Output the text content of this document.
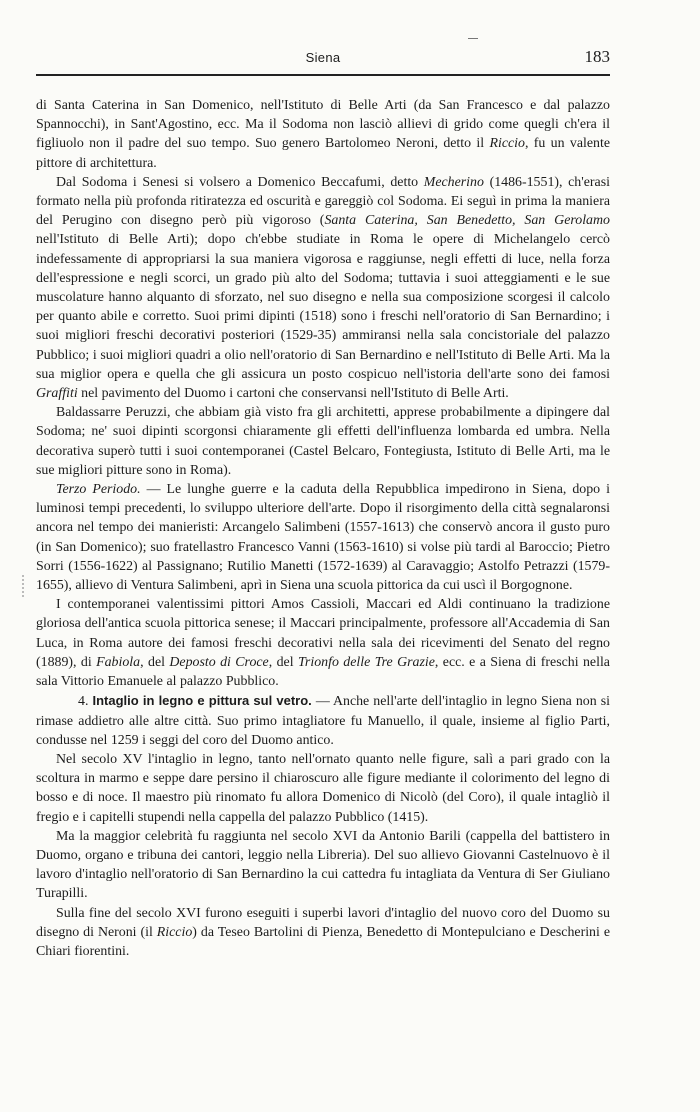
Siena	183

di Santa Caterina in San Domenico, nell'Istituto di Belle Arti (da San Francesco e dal palazzo Spannocchi), in Sant'Agostino, ecc. Ma il Sodoma non lasciò allievi di grido come quegli ch'era il figliuolo non il padre del suo tempo. Suo genero Bartolomeo Neroni, detto il Riccio, fu un valente pittore di architettura.

Dal Sodoma i Senesi si volsero a Domenico Beccafumi, detto Mecherino (1486-1551), ch'erasi formato nella più profonda ritiratezza ed oscurità e gareggiò col Sodoma. Ei seguì in prima la maniera del Perugino con disegno però più vigoroso (Santa Caterina, San Benedetto, San Gerolamo nell'Istituto di Belle Arti); dopo ch'ebbe studiate in Roma le opere di Michelangelo cercò indefessamente di appropriarsi la sua maniera vigorosa e raggiunse, negli effetti di luce, nella forza dell'espressione e negli scorci, un grado più alto del Sodoma; tuttavia i suoi atteggiamenti e le sue muscolature hanno alquanto di sforzato, nel suo disegno e nella sua composizione scorgesi il calcolo per quanto abile e corretto. Suoi primi dipinti (1518) sono i freschi nell'oratorio di San Bernardino; i suoi migliori freschi decorativi posteriori (1529-35) ammiransi nella sala concistoriale del palazzo Pubblico; i suoi migliori quadri a olio nell'oratorio di San Bernardino e nell'Istituto di Belle Arti. Ma la sua miglior opera e quella che gli assicura un posto cospicuo nell'istoria dell'arte sono dei famosi Graffiti nel pavimento del Duomo i cartoni che conservansi nell'Istituto di Belle Arti.

Baldassarre Peruzzi, che abbiam già visto fra gli architetti, apprese probabilmente a dipingere dal Sodoma; ne' suoi dipinti scorgonsi chiaramente gli effetti dell'influenza lombarda ed umbra. Nella decorativa superò tutti i suoi contemporanei (Castel Belcaro, Fontegiusta, Istituto di Belle Arti, ma le sue migliori pitture sono in Roma).

Terzo Periodo. — Le lunghe guerre e la caduta della Repubblica impedirono in Siena, dopo i luminosi tempi precedenti, lo sviluppo ulteriore dell'arte. Dopo il risorgimento della città segnalaronsi ancora nel tempo dei manieristi: Arcangelo Salimbeni (1557-1613) che conservò ancora il gusto puro (in San Domenico); suo fratellastro Francesco Vanni (1563-1610) si volse più tardi al Baroccio; Pietro Sorri (1556-1622) al Passignano; Rutilio Manetti (1572-1639) al Caravaggio; Astolfo Petrazzi (1579-1655), allievo di Ventura Salimbeni, aprì in Siena una scuola pittorica da cui uscì il Borgognone.

I contemporanei valentissimi pittori Amos Cassioli, Maccari ed Aldi continuano la tradizione gloriosa dell'antica scuola pittorica senese; il Maccari principalmente, professore all'Accademia di San Luca, in Roma autore dei famosi freschi decorativi nella sala dei ricevimenti del Senato del regno (1889), di Fabiola, del Deposto di Croce, del Trionfo delle Tre Grazie, ecc. e a Siena di freschi nella sala Vittorio Emanuele al palazzo Pubblico.

4. Intaglio in legno e pittura sul vetro. — Anche nell'arte dell'intaglio in legno Siena non si rimase addietro alle altre città. Suo primo intagliatore fu Manuello, il quale, insieme al figlio Parti, condusse nel 1259 i seggi del coro del Duomo antico.

Nel secolo XV l'intaglio in legno, tanto nell'ornato quanto nelle figure, salì a pari grado con la scoltura in marmo e seppe dare persino il chiaroscuro alle figure mediante il colorimento del legno di bosso e di noce. Il maestro più rinomato fu allora Domenico di Nicolò (del Coro), il quale intagliò il fregio e i capitelli stupendi nella cappella del palazzo Pubblico (1415).

Ma la maggior celebrità fu raggiunta nel secolo XVI da Antonio Barili (cappella del battistero in Duomo, organo e tribuna dei cantori, leggio nella Libreria). Del suo allievo Giovanni Castelnuovo è il lavoro d'intaglio nell'oratorio di San Bernardino la cui cattedra fu intagliata da Ventura di Ser Giuliano Turapilli.

Sulla fine del secolo XVI furono eseguiti i superbi lavori d'intaglio del nuovo coro del Duomo su disegno di Neroni (il Riccio) da Teseo Bartolini di Pienza, Benedetto di Montepulciano e Descherini e Chiari fiorentini.
